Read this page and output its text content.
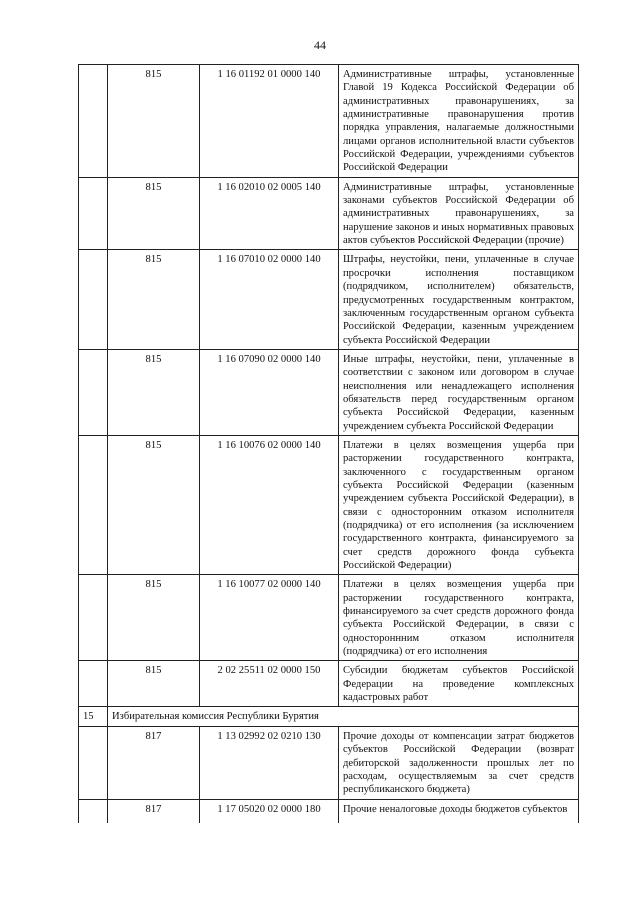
44
	815	1 16 01192 01 0000 140	Административные штрафы, установленные Главой 19 Кодекса Российской Федерации об административных правонарушениях, за административные правонарушения против порядка управления, налагаемые должностными лицами органов исполнительной власти субъектов Российской Федерации, учреждениями субъектов Российской Федерации
	815	1 16 02010 02 0005 140	Административные штрафы, установленные законами субъектов Российской Федерации об административных правонарушениях, за нарушение законов и иных нормативных правовых актов субъектов Российской Федерации (прочие)
	815	1 16 07010 02 0000 140	Штрафы, неустойки, пени, уплаченные в случае просрочки исполнения поставщиком (подрядчиком, исполнителем) обязательств, предусмотренных государственным контрактом, заключенным государственным органом субъекта Российской Федерации, казенным учреждением субъекта Российской Федерации
	815	1 16 07090 02 0000 140	Иные штрафы, неустойки, пени, уплаченные в соответствии с законом или договором в случае неисполнения или ненадлежащего исполнения обязательств перед государственным органом субъекта Российской Федерации, казенным учреждением субъекта Российской Федерации
	815	1 16 10076 02 0000 140	Платежи в целях возмещения ущерба при расторжении государственного контракта, заключенного с государственным органом субъекта Российской Федерации (казенным учреждением субъекта Российской Федерации), в связи с односторонним отказом исполнителя (подрядчика) от его исполнения (за исключением государственного контракта, финансируемого за счет средств дорожного фонда субъекта Российской Федерации)
	815	1 16 10077 02 0000 140	Платежи в целях возмещения ущерба при расторжении государственного контракта, финансируемого за счет средств дорожного фонда субъекта Российской Федерации, в связи с одностороннним отказом исполнителя (подрядчика) от его исполнения
	815	2 02 25511 02 0000 150	Субсидии бюджетам субъектов Российской Федерации на проведение комплексных кадастровых работ
15	Избирательная комиссия Республики Бурятия		
	817	1 13 02992 02 0210 130	Прочие доходы от компенсации затрат бюджетов субъектов Российской Федерации (возврат дебиторской задолженности прошлых лет по расходам, осуществляемым за счет средств республиканского бюджета)
	817	1 17 05020 02 0000 180	Прочие неналоговые доходы бюджетов субъектов
